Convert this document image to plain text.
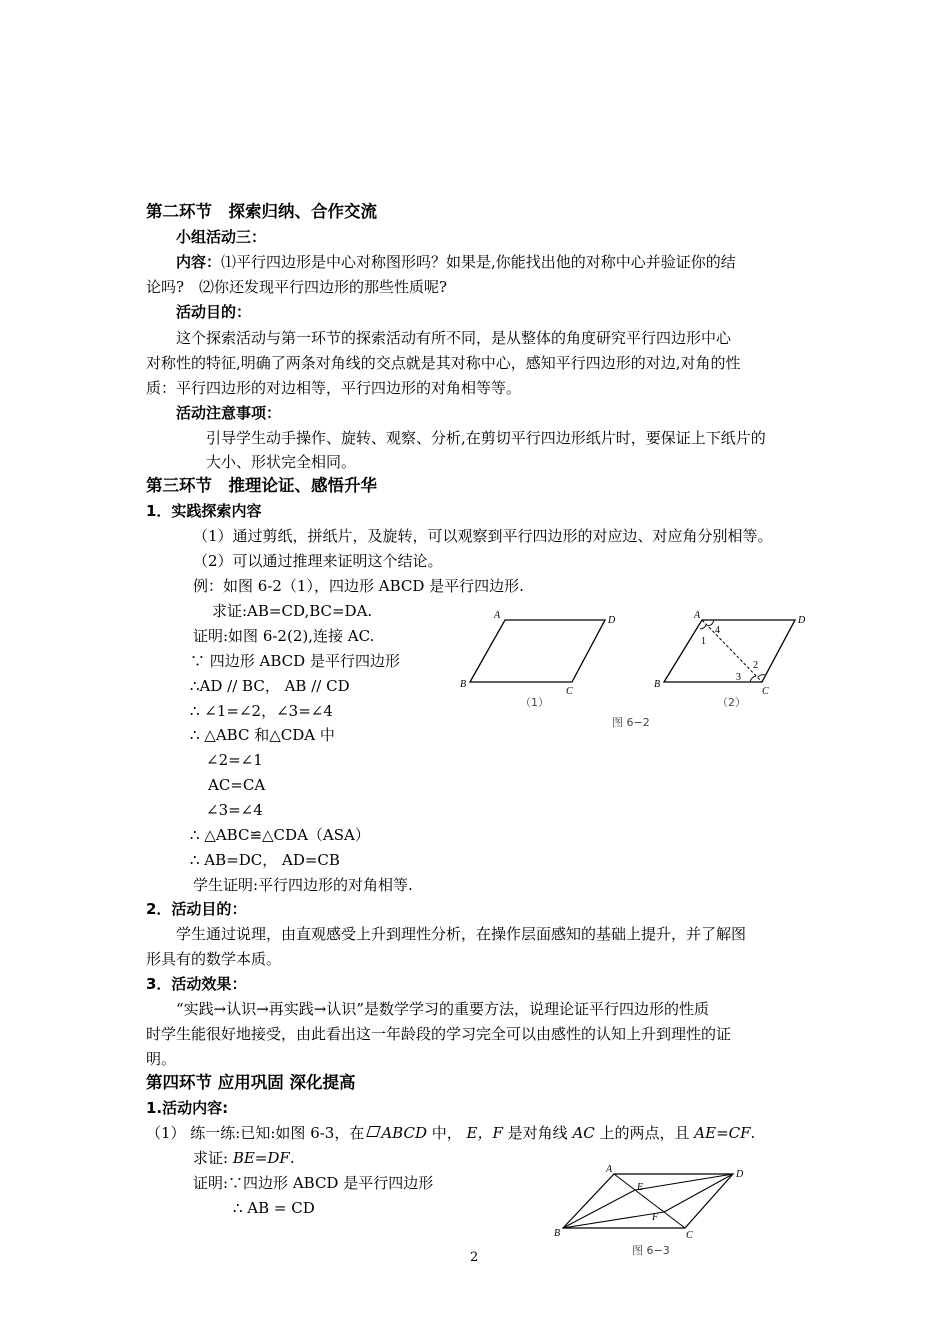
第二环节　探索归纳、合作交流
小组活动三：
内容：⑴平行四边形是中心对称图形吗？如果是,你能找出他的对称中心并验证你的结
论吗?　⑵你还发现平行四边形的那些性质呢?
活动目的：
这个探索活动与第一环节的探索活动有所不同，是从整体的角度研究平行四边形中心
对称性的特征,明确了两条对角线的交点就是其对称中心，感知平行四边形的对边,对角的性
质：平行四边形的对边相等，平行四边形的对角相等等。
活动注意事项：
引导学生动手操作、旋转、观察、分析,在剪切平行四边形纸片时，要保证上下纸片的
大小、形状完全相同。
第三环节　推理论证、感悟升华
1．实践探索内容
（1）通过剪纸，拼纸片，及旋转，可以观察到平行四边形的对应边、对应角分别相等。
（2）可以通过推理来证明这个结论。
例：如图 6-2（1），四边形 ABCD 是平行四边形.
求证:AB=CD,BC=DA.
证明:如图 6-2(2),连接 AC.
∵ 四边形 ABCD 是平行四边形
∴AD // BC， AB // CD
∴ ∠1=∠2，∠3=∠4
∴ △ABC 和△CDA 中
∠2=∠1
AC=CA
∠3=∠4
∴ △ABC≌△CDA（ASA）
∴ AB=DC， AD=CB
学生证明:平行四边形的对角相等.
2．活动目的：
学生通过说理，由直观感受上升到理性分析，在操作层面感知的基础上提升，并了解图
形具有的数学本质。
3．活动效果：
“实践→认识→再实践→认识”是数学学习的重要方法，说理论证平行四边形的性质
时学生能很好地接受，由此看出这一年龄段的学习完全可以由感性的认知上升到理性的证
明。
第四环节 应用巩固 深化提高
1.活动内容:
（1） 练一练:已知:如图 6-3，在 ABCD 中， E，F 是对角线 AC 上的两点，且 AE=CF.
求证: BE=DF.
证明:∵四边形 ABCD 是平行四边形
∴ AB = CD
A
B
C
D
（1）
A
B
C
D
1
2
3
4
（2）
图 6−2
A
B	C
D
E
F
图 6−3
2
